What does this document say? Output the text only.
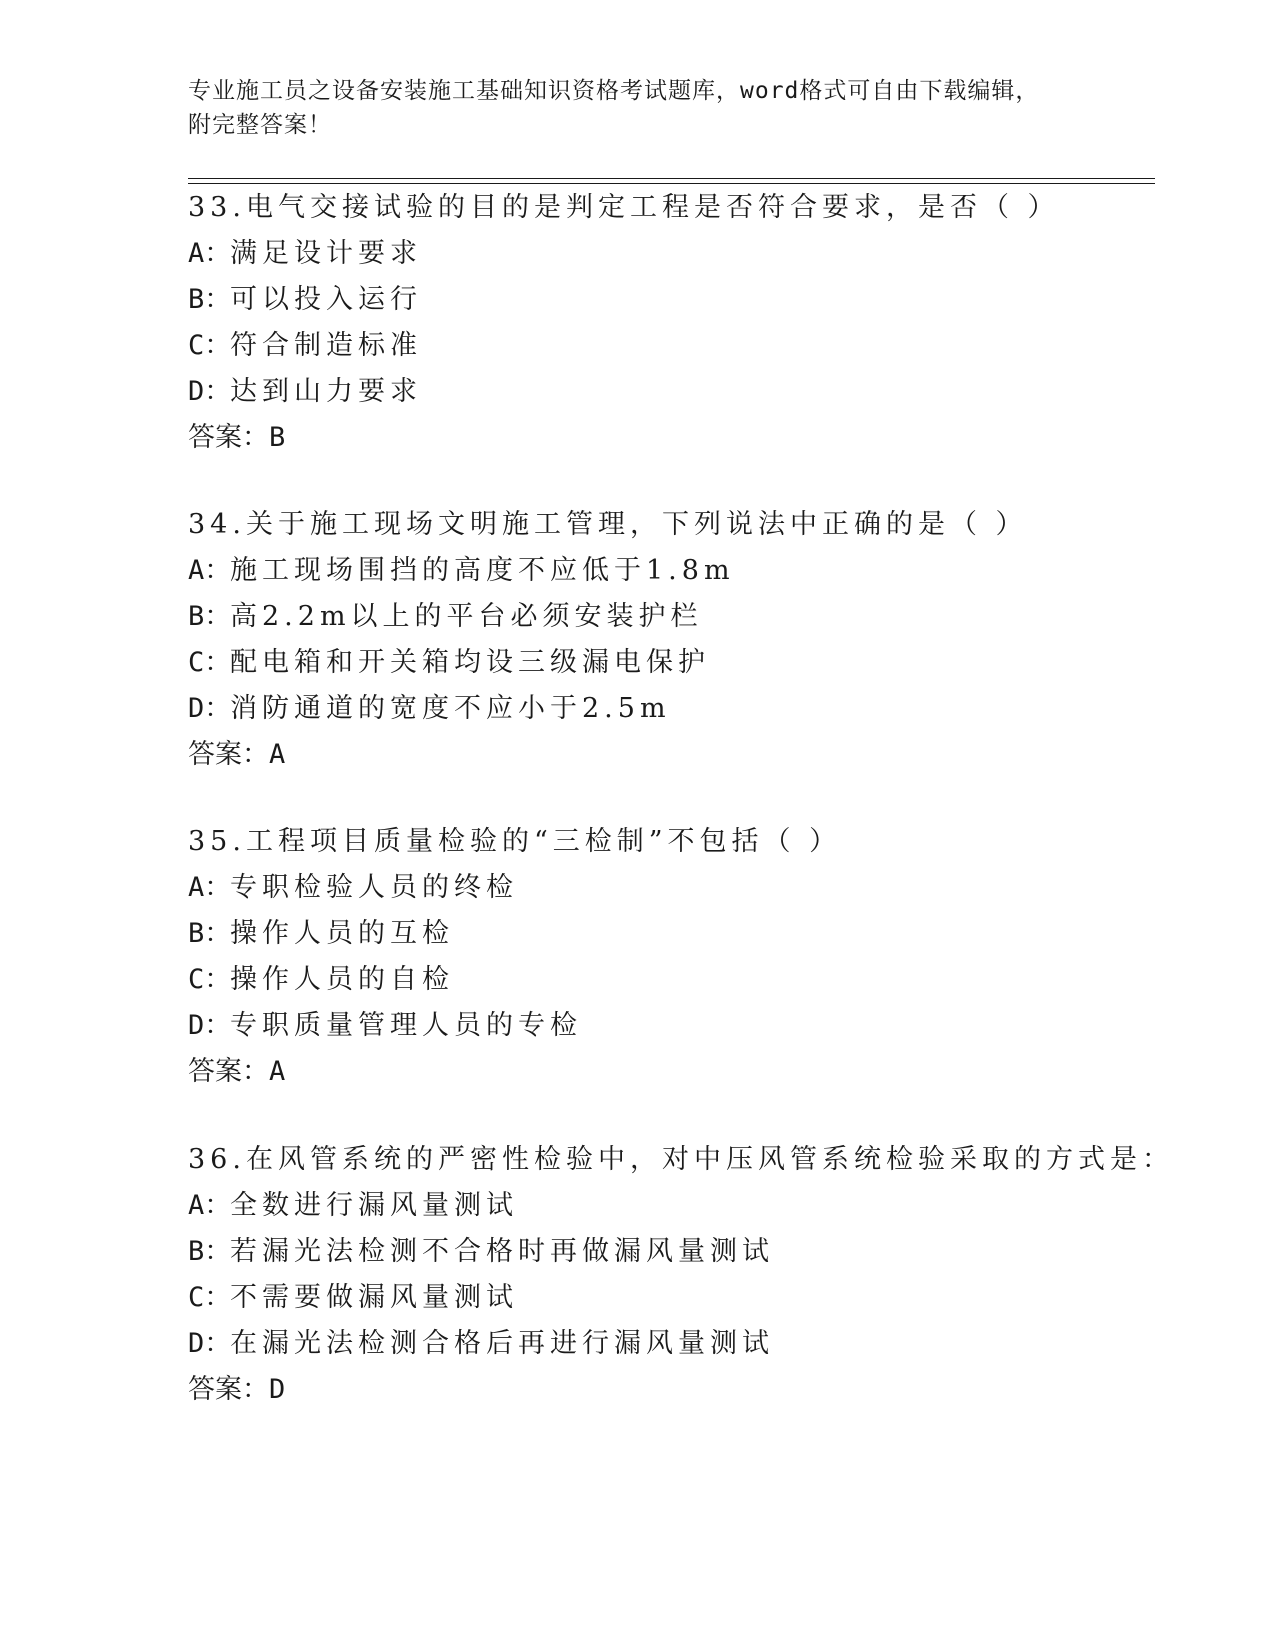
专业施工员之设备安装施工基础知识资格考试题库，word格式可自由下载编辑，
附完整答案！
33.电气交接试验的目的是判定工程是否符合要求，是否（ ）
A：满足设计要求
B：可以投入运行
C：符合制造标准
D：达到山力要求
答案：B
34.关于施工现场文明施工管理，下列说法中正确的是（ ）
A：施工现场围挡的高度不应低于1.8m
B：高2.2m以上的平台必须安装护栏
C：配电箱和开关箱均设三级漏电保护
D：消防通道的宽度不应小于2.5m
答案：A
35.工程项目质量检验的“三检制”不包括（ ）
A：专职检验人员的终检
B：操作人员的互检
C：操作人员的自检
D：专职质量管理人员的专检
答案：A
36.在风管系统的严密性检验中，对中压风管系统检验采取的方式是：
A：全数进行漏风量测试
B：若漏光法检测不合格时再做漏风量测试
C：不需要做漏风量测试
D：在漏光法检测合格后再进行漏风量测试
答案：D
